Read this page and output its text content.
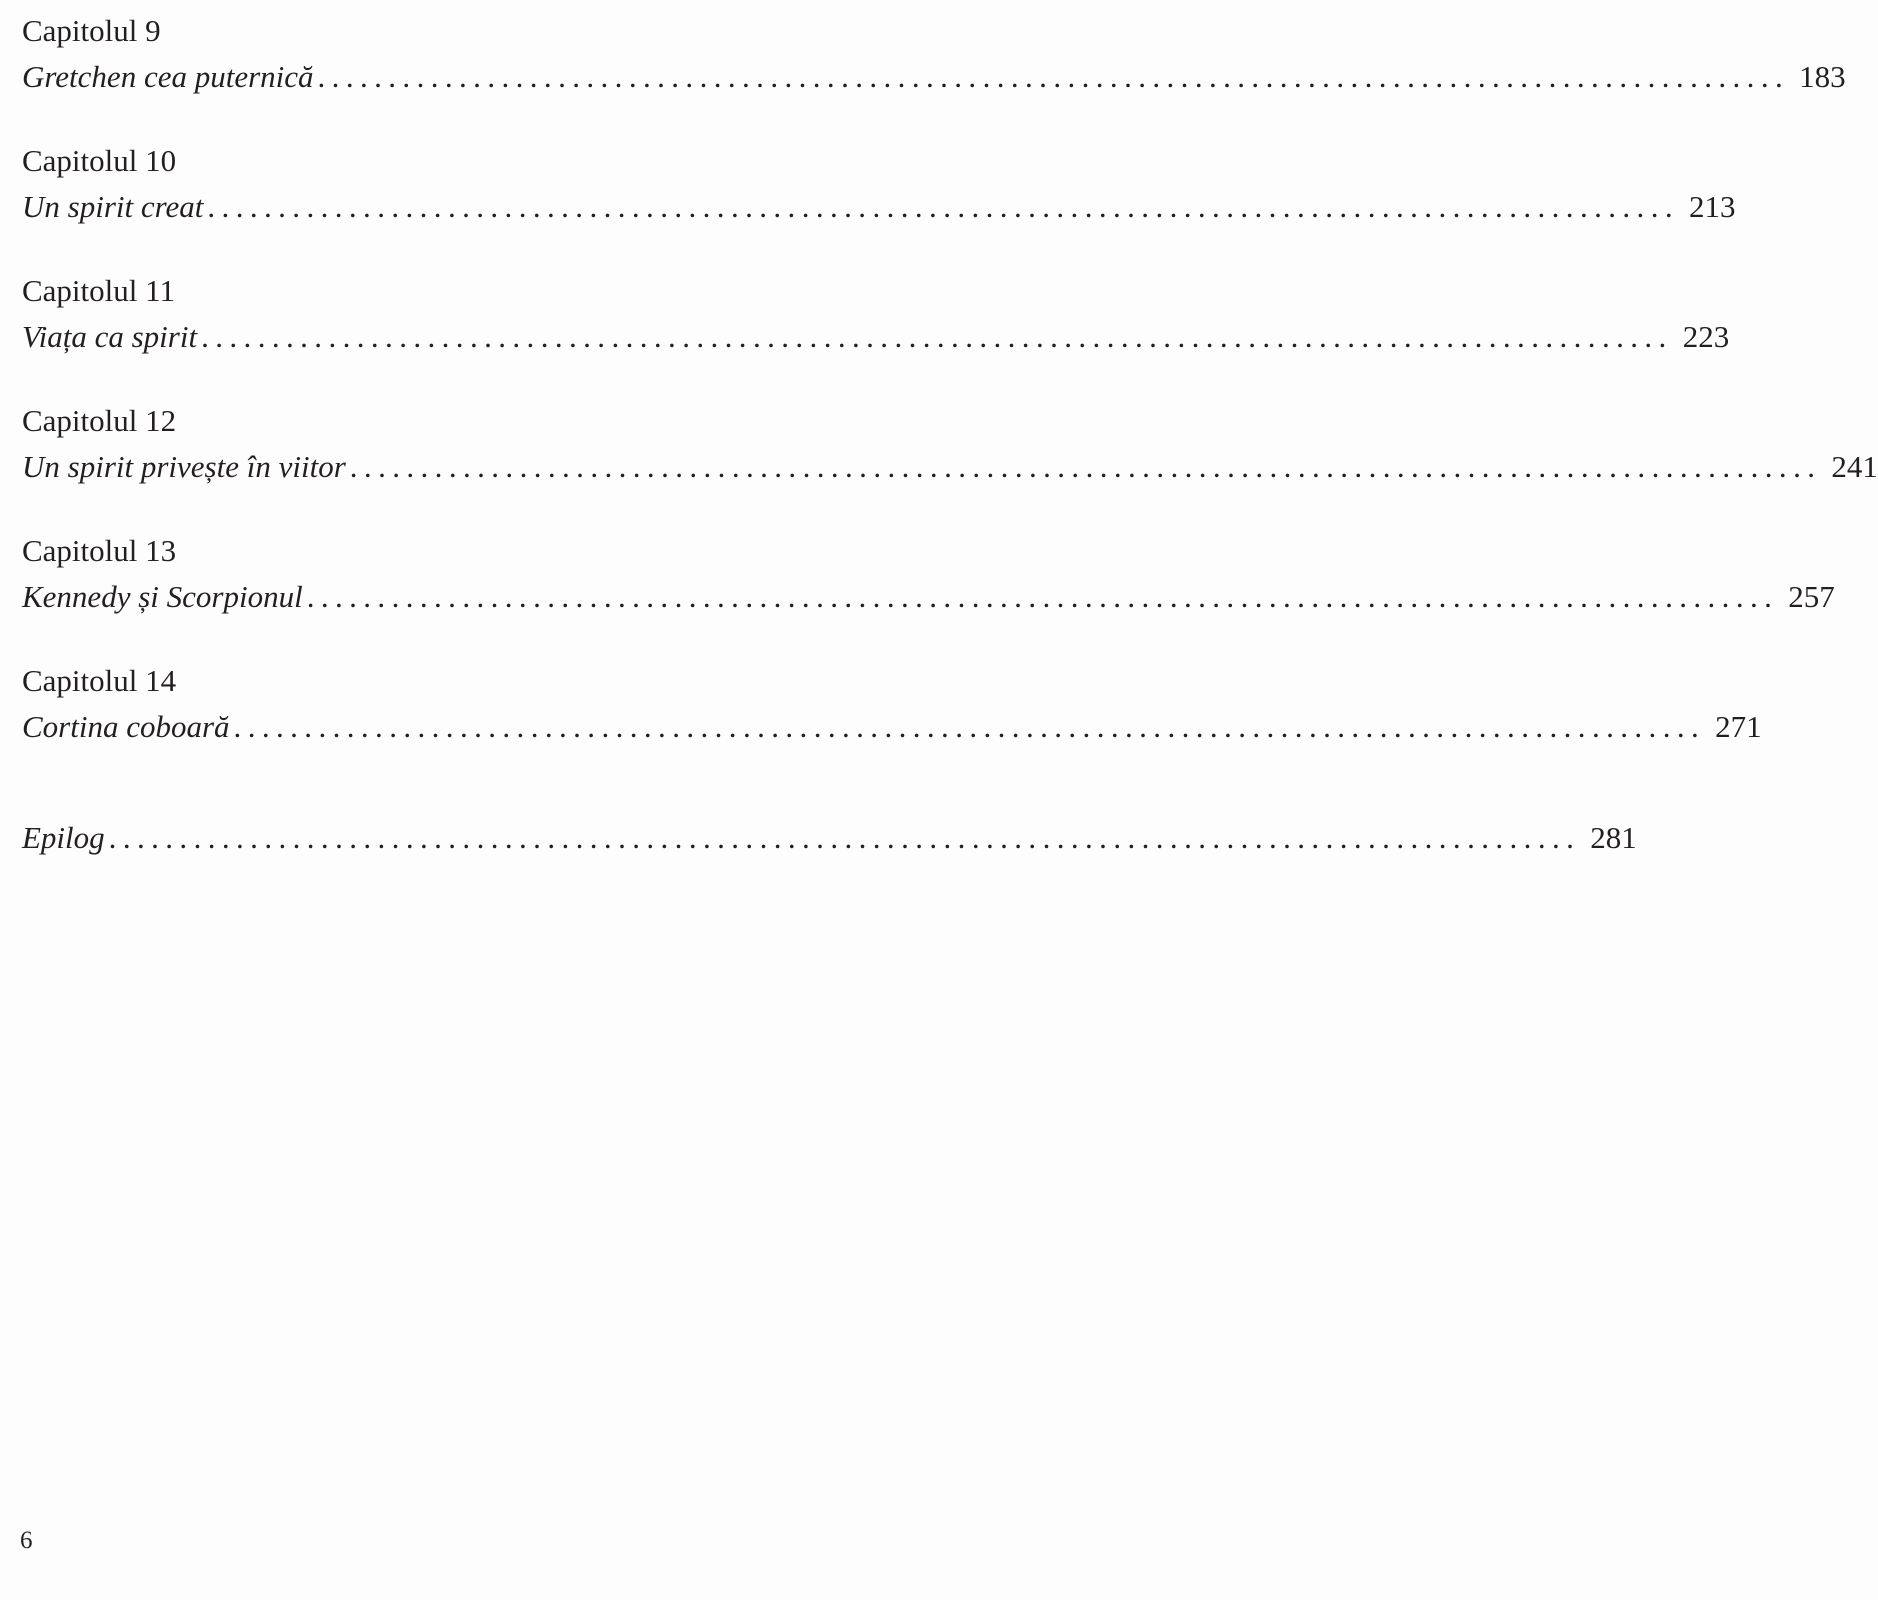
Capitolul 9
Gretchen cea puternică ........................................................................................................ 183
Capitolul 10
Un spirit creat ........................................................................................................ 213
Capitolul 11
Viața ca spirit ........................................................................................................ 223
Capitolul 12
Un spirit privește în viitor ........................................................................................................ 241
Capitolul 13
Kennedy și Scorpionul ........................................................................................................ 257
Capitolul 14
Cortina coboară ........................................................................................................ 271
Epilog ........................................................................................................ 281
6
